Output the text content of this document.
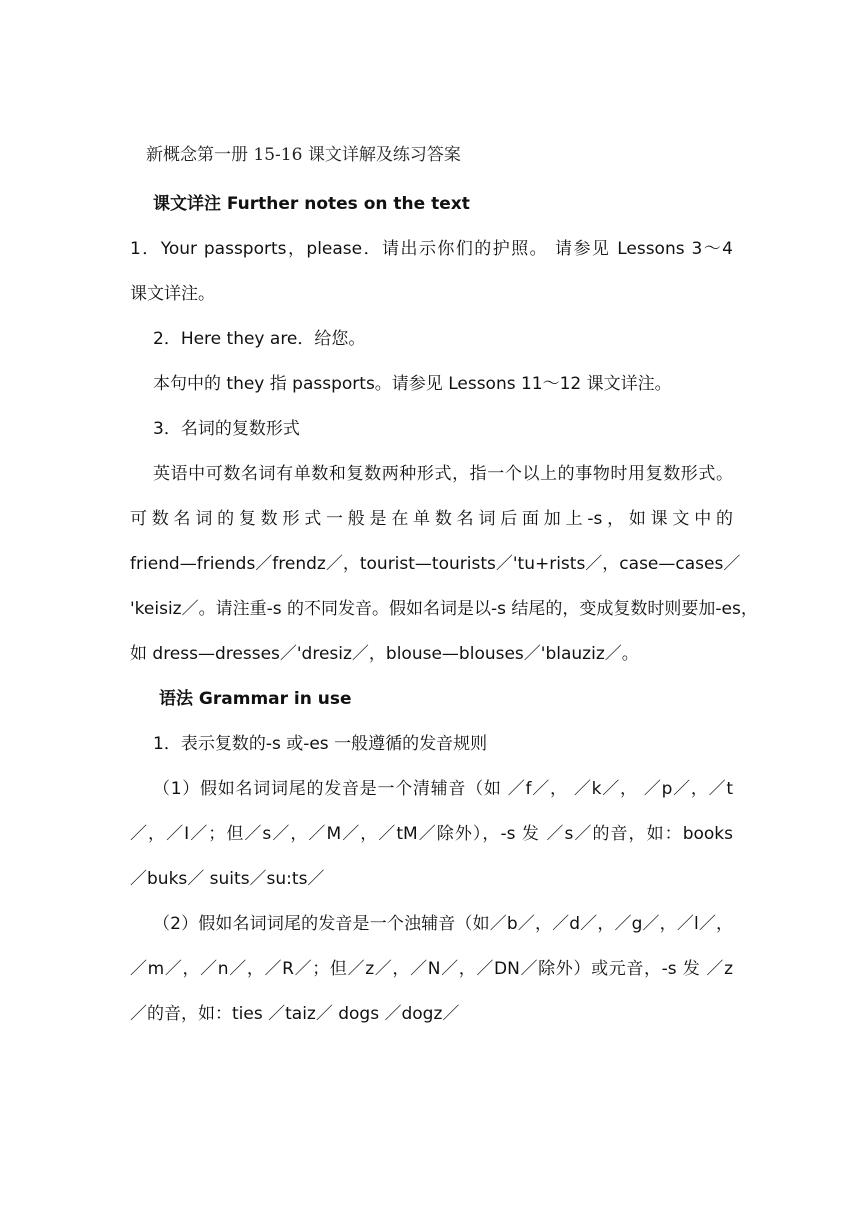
新概念第一册 15-16 课文详解及练习答案
课文详注 Further notes on the text
1．Your passports，please．请出示你们的护照。 请参见 Lessons 3～4
课文详注。
2．Here they are．给您。
本句中的 they 指 passports。请参见 Lessons 11～12 课文详注。
3．名词的复数形式
英语中可数名词有单数和复数两种形式，指一个以上的事物时用复数形式。
可数名词的复数形式一般是在单数名词后面加上-s，如课文中的
friend—friends／frendz／，tourist—tourists／'tu+rists／，case—cases／
'keisiz／。请注重-s 的不同发音。假如名词是以-s 结尾的，变成复数时则要加-es，
如 dress—dresses／'dresiz／，blouse—blouses／'blauziz／。
语法 Grammar in use
1．表示复数的-s 或-es 一般遵循的发音规则
（1）假如名词词尾的发音是一个清辅音（如 ／f／， ／k／， ／p／，／t
／，／I／；但／s／，／M／，／tM／除外），-s 发 ／s／的音，如：books
／buks／ suits／su:ts／
（2）假如名词词尾的发音是一个浊辅音（如／b／，／d／，／g／，／l／，
／m／，／n／，／R／；但／z／，／N／，／DN／除外）或元音，-s 发 ／z
／的音，如：ties ／taiz／ dogs ／dogz／
